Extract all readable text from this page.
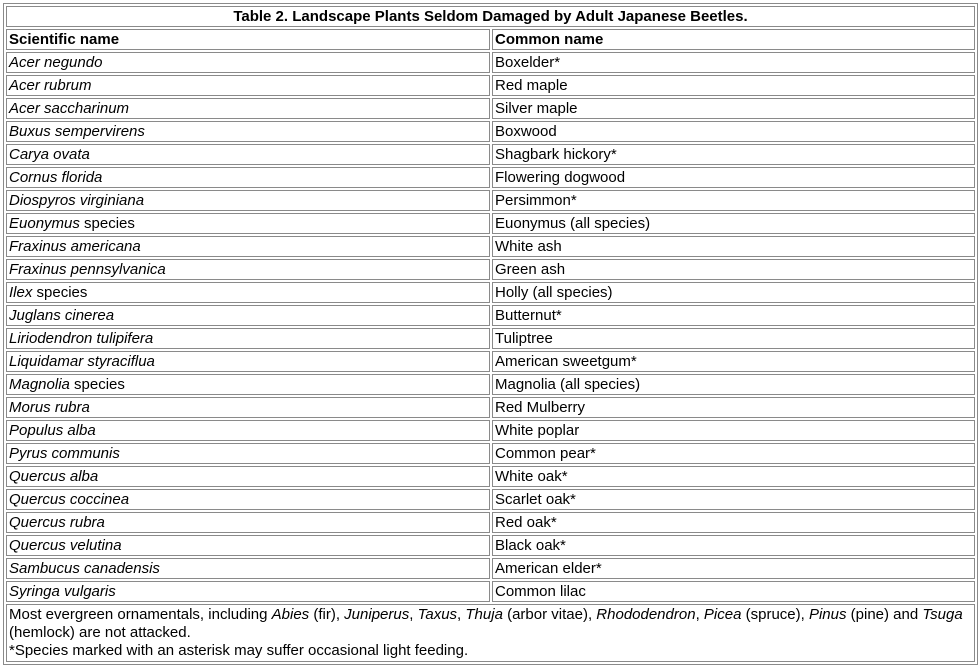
Table 2. Landscape Plants Seldom Damaged by Adult Japanese Beetles.	
Scientific name	Common name
Acer negundo	Boxelder*
Acer rubrum	Red maple
Acer saccharinum	Silver maple
Buxus sempervirens	Boxwood
Carya ovata	Shagbark hickory*
Cornus florida	Flowering dogwood
Diospyros virginiana	Persimmon*
Euonymus species	Euonymus (all species)
Fraxinus americana	White ash
Fraxinus pennsylvanica	Green ash
Ilex species	Holly (all species)
Juglans cinerea	Butternut*
Liriodendron tulipifera	Tuliptree
Liquidamar styraciflua	American sweetgum*
Magnolia species	Magnolia (all species)
Morus rubra	Red Mulberry
Populus alba	White poplar
Pyrus communis	Common pear*
Quercus alba	White oak*
Quercus coccinea	Scarlet oak*
Quercus rubra	Red oak*
Quercus velutina	Black oak*
Sambucus canadensis	American elder*
Syringa vulgaris	Common lilac
Most evergreen ornamentals, including Abies (fir), Juniperus, Taxus, Thuja (arbor vitae), Rhododendron, Picea (spruce), Pinus (pine) and Tsuga (hemlock) are not attacked.
*Species marked with an asterisk may suffer occasional light feeding.	
